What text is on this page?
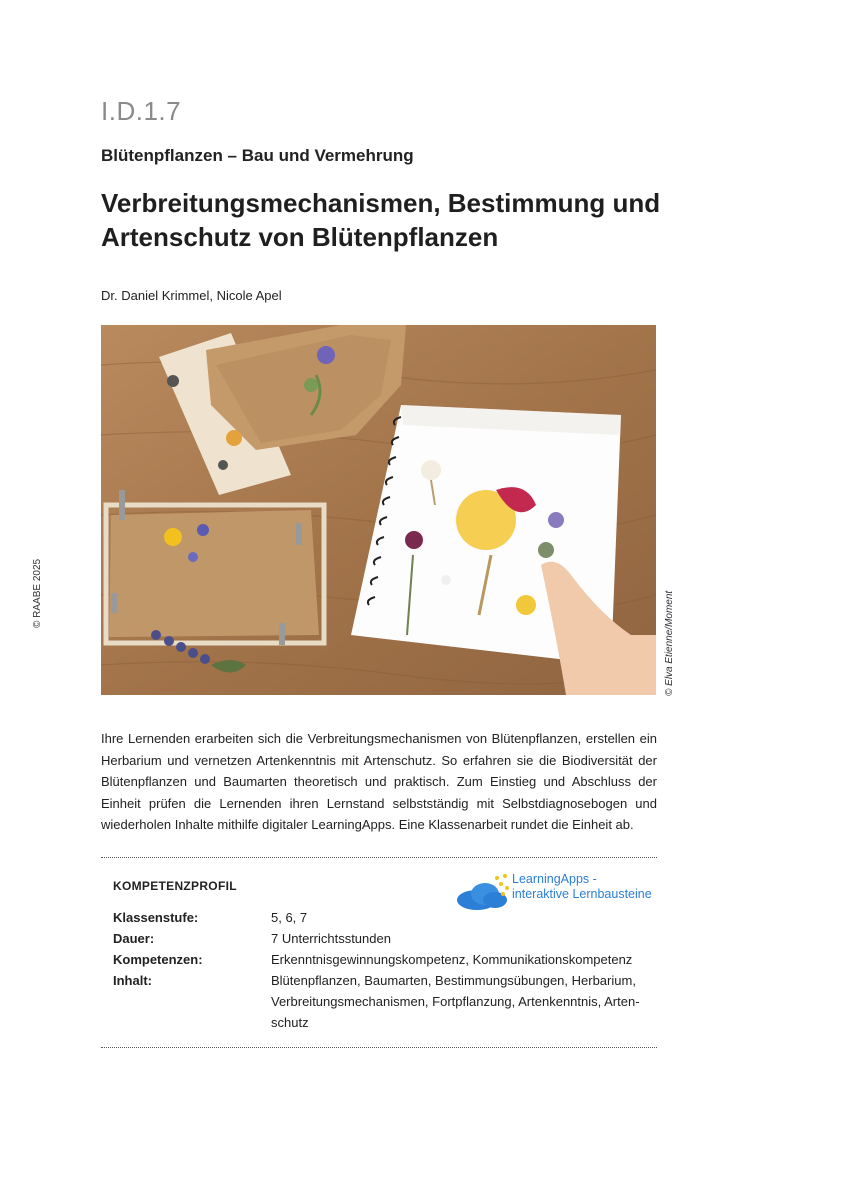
I.D.1.7
Blütenpflanzen – Bau und Vermehrung
Verbreitungsmechanismen, Bestimmung und
Artenschutz von Blütenpflanzen
Dr. Daniel Krimmel, Nicole Apel
© RAABE 2025	© Elva Etienne/Moment

Ihre Lernenden erarbeiten sich die Verbreitungsmechanismen von Blütenpflanzen, erstellen ein Herbarium und vernetzen Artenkenntnis mit Artenschutz. So erfahren sie die Biodiversität der Blütenpflanzen und Baumarten theoretisch und praktisch. Zum Einstieg und Abschluss der Einheit prüfen die Lernenden ihren Lernstand selbstständig mit Selbstdiagnosebogen und wiederholen Inhalte mithilfe digitaler LearningApps. Eine Klassenarbeit rundet die Einheit ab.

KOMPETENZPROFIL	LearningApps -
interaktive Lernbausteine
Klassenstufe:	5, 6, 7
Dauer:	7 Unterrichtsstunden
Kompetenzen:	Erkenntnisgewinnungskompetenz, Kommunikationskompetenz
Inhalt:	Blütenpflanzen, Baumarten, Bestimmungsübungen, Herbarium,
Verbreitungsmechanismen, Fortpflanzung, Artenkenntnis, Arten-
schutz
